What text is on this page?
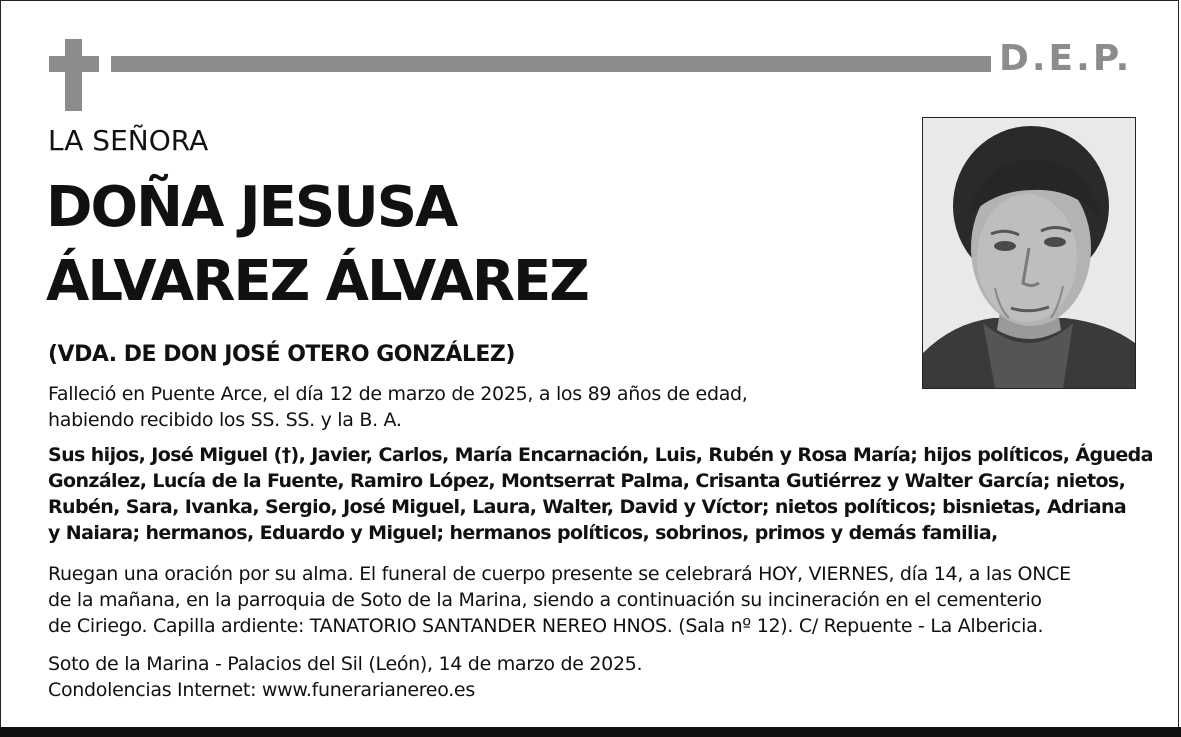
D.E.P.
LA SEÑORA
DOÑA JESUSA
ÁLVAREZ ÁLVAREZ
(VDA. DE DON JOSÉ OTERO GONZÁLEZ)
Falleció en Puente Arce, el día 12 de marzo de 2025, a los 89 años de edad,
habiendo recibido los SS. SS. y la B. A.
Sus hijos, José Miguel (†), Javier, Carlos, María Encarnación, Luis, Rubén y Rosa María; hijos políticos, Águeda
González, Lucía de la Fuente, Ramiro López, Montserrat Palma, Crisanta Gutiérrez y Walter García; nietos,
Rubén, Sara, Ivanka, Sergio, José Miguel, Laura, Walter, David y Víctor; nietos políticos; bisnietas, Adriana
y Naiara; hermanos, Eduardo y Miguel; hermanos políticos, sobrinos, primos y demás familia,
Ruegan una oración por su alma. El funeral de cuerpo presente se celebrará HOY, VIERNES, día 14, a las ONCE
de la mañana, en la parroquia de Soto de la Marina, siendo a continuación su incineración en el cementerio
de Ciriego. Capilla ardiente: TANATORIO SANTANDER NEREO HNOS. (Sala nº 12). C/ Repuente - La Albericia.
Soto de la Marina - Palacios del Sil (León), 14 de marzo de 2025.
Condolencias Internet: www.funerarianereo.es
